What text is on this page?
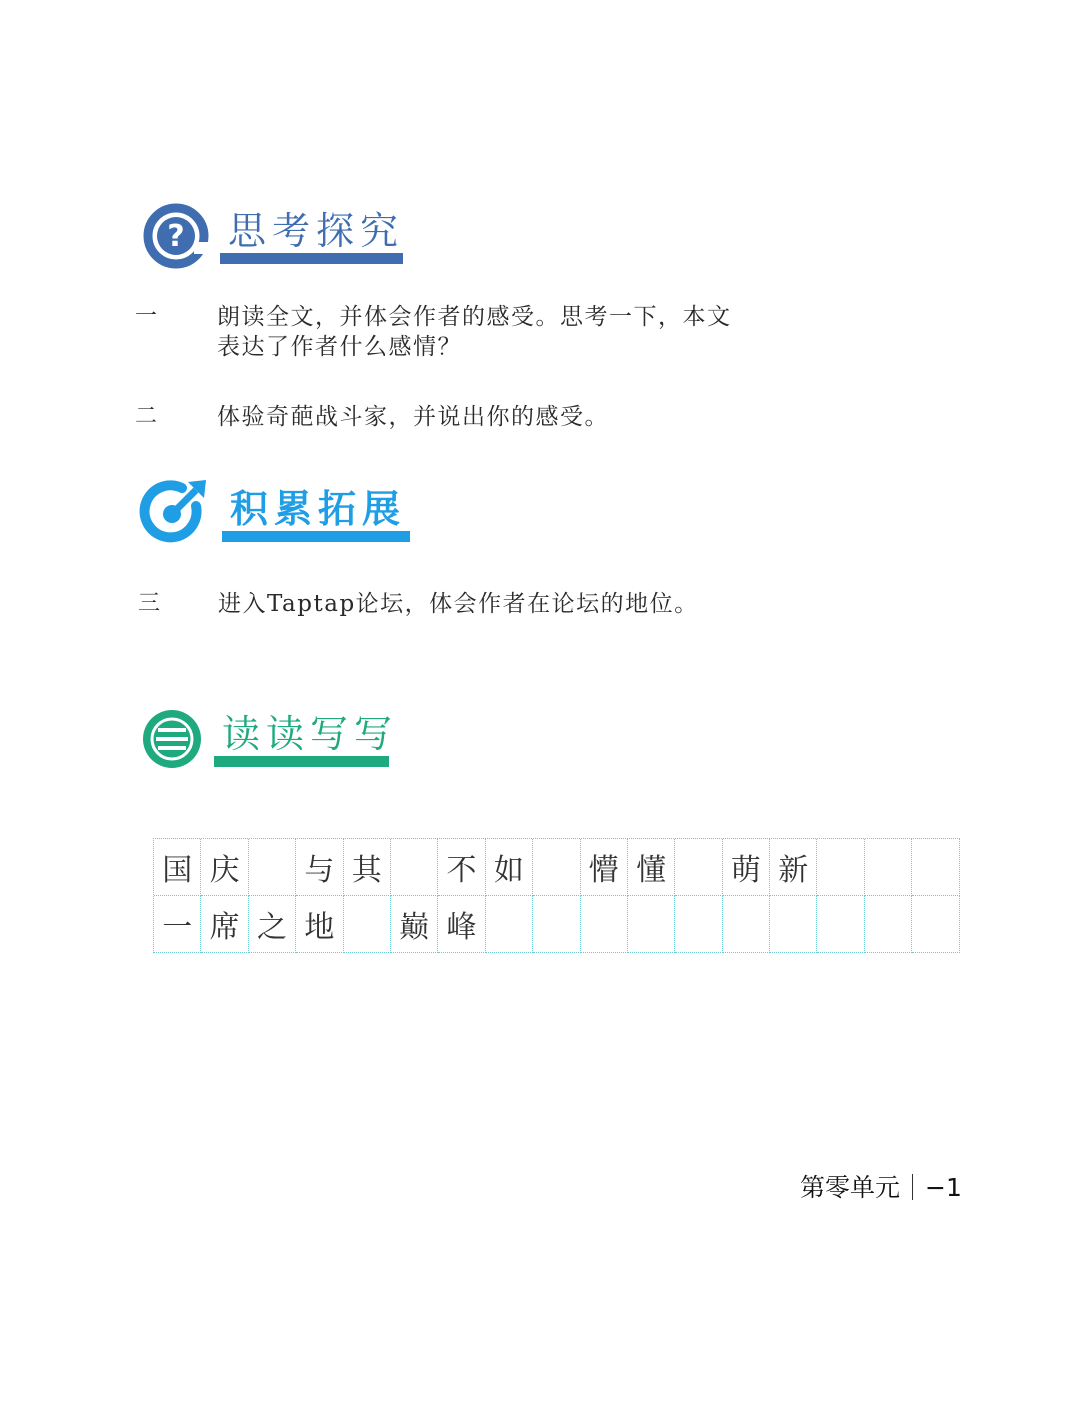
? 思考探究
一	朗读全文，并体会作者的感受。思考一下，本文
表达了作者什么感情？
二	体验奇葩战斗家，并说出你的感受。
积累拓展
三 进入Taptap论坛，体会作者在论坛的地位。
读读写写
国 庆	与 其	不 如	懵 懂	萌 新
一 席 之 地	巅 峰
第零单元 −1
